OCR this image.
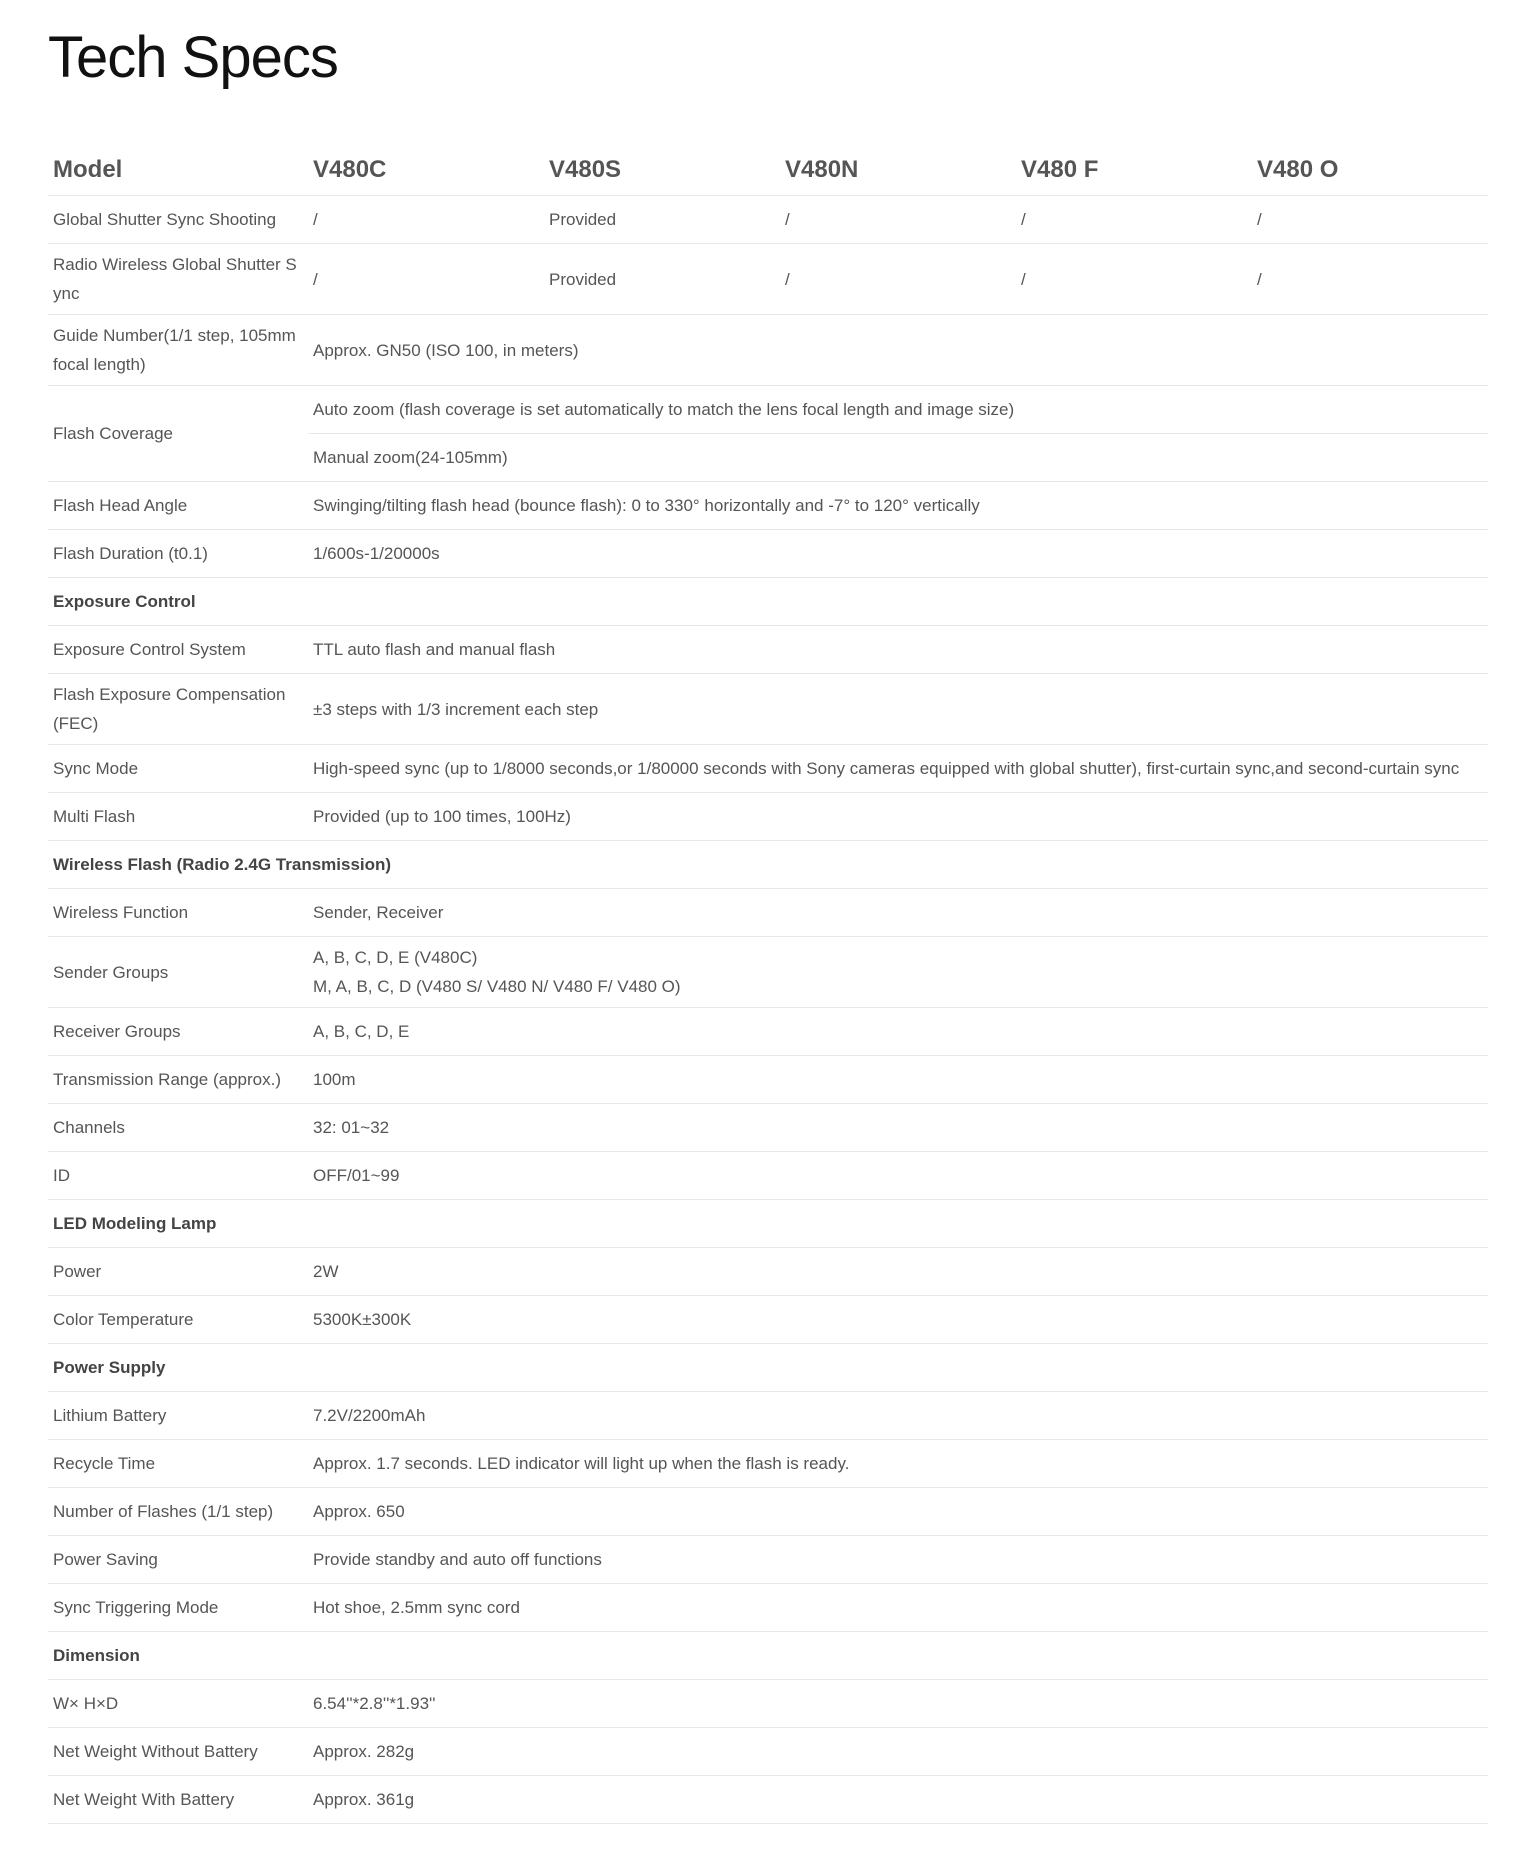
Tech Specs
Model	V480C	V480S	V480N	V480 F	V480 O
Global Shutter Sync Shooting	/	Provided	/	/	/
Radio Wireless Global Shutter Sync	/	Provided	/	/	/
Guide Number(1/1 step, 105mm focal length)	Approx. GN50 (ISO 100, in meters)				
Flash Coverage	Auto zoom (flash coverage is set automatically to match the lens focal length and image size)				
	Manual zoom(24-105mm)				
Flash Head Angle	Swinging/tilting flash head (bounce flash): 0 to 330° horizontally and -7° to 120° vertically				
Flash Duration (t0.1)	1/600s-1/20000s				
Exposure Control					
Exposure Control System	TTL auto flash and manual flash				
Flash Exposure Compensation (FEC)	±3 steps with 1/3 increment each step				
Sync Mode	High-speed sync (up to 1/8000 seconds,or 1/80000 seconds with Sony cameras equipped with global shutter), first-curtain sync,and second-curtain sync				
Multi Flash	Provided (up to 100 times, 100Hz)				
Wireless Flash (Radio 2.4G Transmission)					
Wireless Function	Sender, Receiver				
Sender Groups	A, B, C, D, E (V480C)
M, A, B, C, D (V480 S/ V480 N/ V480 F/ V480 O)				

Receiver Groups	A, B, C, D, E				
Transmission Range (approx.)	100m				
Channels	32: 01~32				
ID	OFF/01~99				
LED Modeling Lamp					
Power	2W				
Color Temperature	5300K±300K				
Power Supply					
Lithium Battery	7.2V/2200mAh				
Recycle Time	Approx. 1.7 seconds. LED indicator will light up when the flash is ready.				
Number of Flashes (1/1 step)	Approx. 650				
Power Saving	Provide standby and auto off functions				
Sync Triggering Mode	Hot shoe, 2.5mm sync cord				
Dimension					
W× H×D	6.54''*2.8''*1.93''				
Net Weight Without Battery	Approx. 282g				
Net Weight With Battery	Approx. 361g				
